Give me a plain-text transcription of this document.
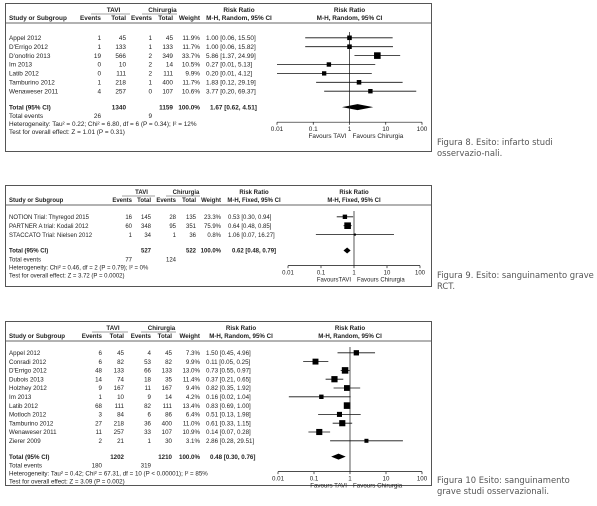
TAVI	Chirurgia	Risk Ratio	Risk Ratio
Study or Subgroup Events Total Events Total Weight M-H, Random, 95% CI	M-H, Random, 95% CI
Appel 2012	1	45	1 45 11.9% 1.00 [0.06, 15.50]
D'Errigo 2012	1 133	1 133 11.7% 1.00 [0.06, 15.82]
D'onofrio 2013	19 566	2 349 33.7% 5.86 [1.37, 24.99]
Im 2013	0	10	2 14 10.5% 0.27 [0.01, 5.13]
Latib 2012	0 111	2 111 9.9% 0.20 [0.01, 4.12]
Tamburino 2012	1 218	1 400 11.7% 1.83 [0.12, 29.19]
Wenaweser 2011	4 257	0 107 10.6% 3.77 [0.20, 69.37]
Total (95% CI)	1340	1159 100.0% 1.67 [0.62, 4.51]
Total events	26	9
Heterogeneity: Tau² = 0.22; Chi² = 6.80, df = 6 (P = 0.34); I² = 12%
Test for overall effect: Z = 1.01 (P = 0.31)	0.01	0.1	1	10	100
Favours TAVI Favours Chirurgia
Figura 8. Esito: infarto studi osservazio-nali.
TAVI	Chirurgia	Risk Ratio	Risk Ratio
Study or Subgroup	Events Total Events Total Weight M-H, Fixed, 95% CI	M-H, Fixed, 95% CI
NOTION Trial: Thyregod 2015	16 145	28 135 23.3% 0.53 [0.30, 0.94]
PARTNER A trial: Kodali 2012	60 348	95 351 75.9% 0.64 [0.48, 0.85]
STACCATO Trial: Nielsen 2012	1 34	1 36 0.8% 1.06 [0.07, 16.27]
Total (95% CI)	527	522 100.0% 0.62 [0.48, 0.79]
Total events	77	124
Heterogeneity: Chi² = 0.46, df = 2 (P = 0.79); I² = 0%
Test for overall effect: Z = 3.72 (P = 0.0002)
0.01	0.1	1	10	100
FavoursTAVI Favours Chirurgia
Figura 9. Esito: sanguinamento grave RCT.
TAVI	Chirurgia	Risk Ratio	Risk Ratio
Study or Subgroup	Events Total Events Total Weight M-H, Random, 95% CI	M-H, Random, 95% CI
Appel 2012	6 45	4 45 7.3% 1.50 [0.45, 4.96]
Conradi 2012	6 82	53 82 9.9% 0.11 [0.05, 0.25]
D'Errigo 2012	48 133	66 133 13.0% 0.73 [0.55, 0.97]
Dubois 2013	14 74	18 35 11.4% 0.37 [0.21, 0.65]
Holzhey 2012	9 167	11 167 9.4% 0.82 [0.35, 1.92]
Im 2013	1 10	9 14 4.2% 0.16 [0.02, 1.04]
Latib 2012	68 111	82 111 13.4% 0.83 [0.69, 1.00]
Motloch 2012	3 84	6 86 6.4% 0.51 [0.13, 1.98]
Tamburino 2012	27 218	36 400 11.0% 0.61 [0.33, 1.15]
Wenaweser 2011	11 257	33 107 10.9% 0.14 [0.07, 0.28]
Zierer 2009	2 21	1 30 3.1% 2.86 [0.28, 29.51]
Total (95% CI)	1202	1210 100.0% 0.48 [0.30, 0.76]
Total events	180	319
Heterogeneity: Tau² = 0.42; Chi² = 67.31, df = 10 (P < 0.00001); I² = 85%
Test for overall effect: Z = 3.09 (P = 0.002)	0.01	0.1	1	10	100
Favours TAVI Favours Chirurgia
Figura 10 Esito: sanguinamento grave studi osservazionali.
